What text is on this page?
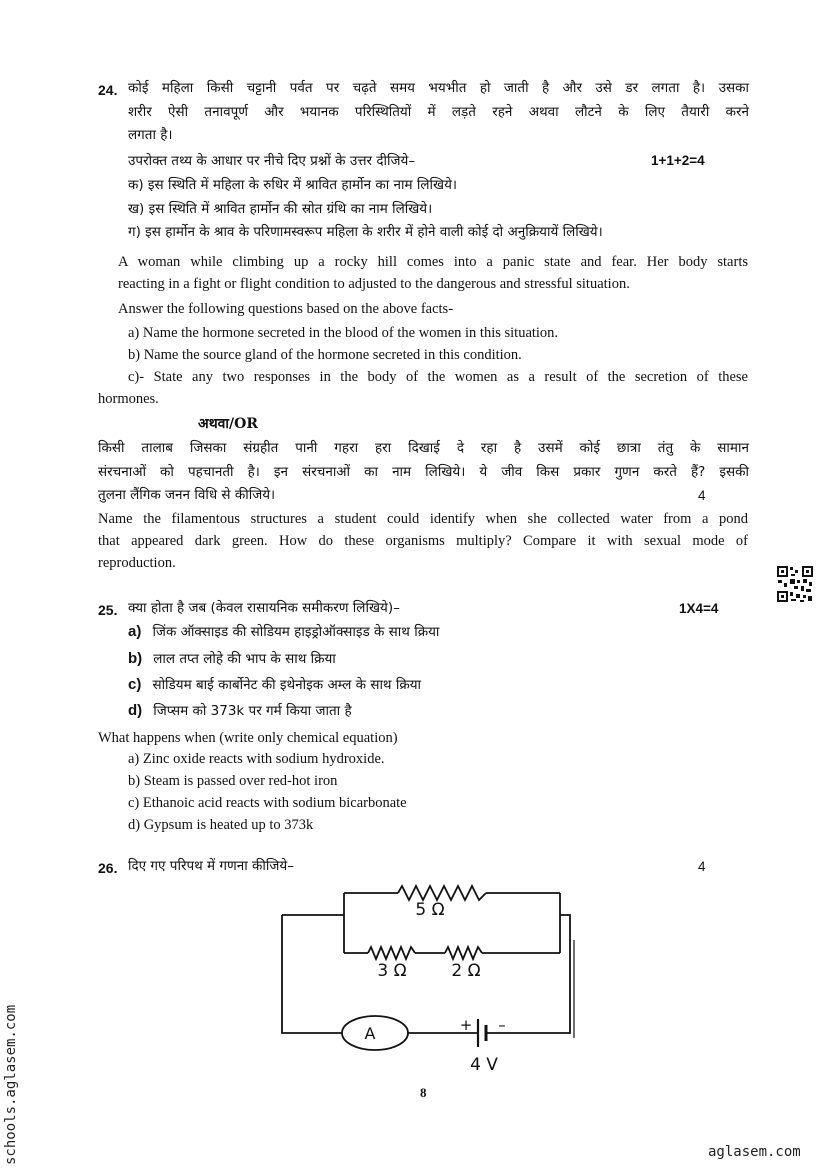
24. कोई महिला किसी चट्टानी पर्वत पर चढ़ते समय भयभीत हो जाती है और उसे डर लगता है। उसका
शरीर ऐसी तनावपूर्ण और भयानक परिस्थितियों में लड़ते रहने अथवा लौटने के लिए तैयारी करने
लगता है।
उपरोक्त तथ्य के आधार पर नीचे दिए प्रश्नों के उत्तर दीजिये–	1+1+2=4
क) इस स्थिति में महिला के रुधिर में श्रावित हार्मोन का नाम लिखिये।
ख) इस स्थिति में श्रावित हार्मोन की स्रोत ग्रंथि का नाम लिखिये।
ग) इस हार्मोन के श्राव के परिणामस्वरूप महिला के शरीर में होने वाली कोई दो अनुक्रियायें लिखिये।
A woman while climbing up a rocky hill comes into a panic state and fear. Her body starts
reacting in a fight or flight condition to adjusted to the dangerous and stressful situation.
Answer the following questions based on the above facts-
a) Name the hormone secreted in the blood of the women in this situation.
b) Name the source gland of the hormone secreted in this condition.
c)- State any two responses in the body of the women as a result of the secretion of these
hormones.
अथवा/OR
किसी तालाब जिसका संग्रहीत पानी गहरा हरा दिखाई दे रहा है उसमें कोई छात्रा तंतु के सामान
संरचनाओं को पहचानती है। इन संरचनाओं का नाम लिखिये। ये जीव किस प्रकार गुणन करते हैं? इसकी
तुलना लैंगिक जनन विधि से कीजिये।	4
Name the filamentous structures a student could identify when she collected water from a pond
that appeared dark green. How do these organisms multiply? Compare it with sexual mode of
reproduction.
25. क्या होता है जब (केवल रासायनिक समीकरण लिखिये)–	1X4=4
a) जिंक ऑक्साइड की सोडियम हाइड्रोऑक्साइड के साथ क्रिया
b) लाल तप्त लोहे की भाप के साथ क्रिया
c) सोडियम बाई कार्बोनेट की इथेनोइक अम्ल के साथ क्रिया
d) जिप्सम को 373k पर गर्म किया जाता है
What happens when (write only chemical equation)
a) Zinc oxide reacts with sodium hydroxide.
b) Steam is passed over red-hot iron
c) Ethanoic acid reacts with sodium bicarbonate
d) Gypsum is heated up to 373k
26. दिए गए परिपथ में गणना कीजिये–	4
5 Ω
3 Ω	2 Ω
A	+ –
4 V
8
schools.aglasem.com	aglasem.com
